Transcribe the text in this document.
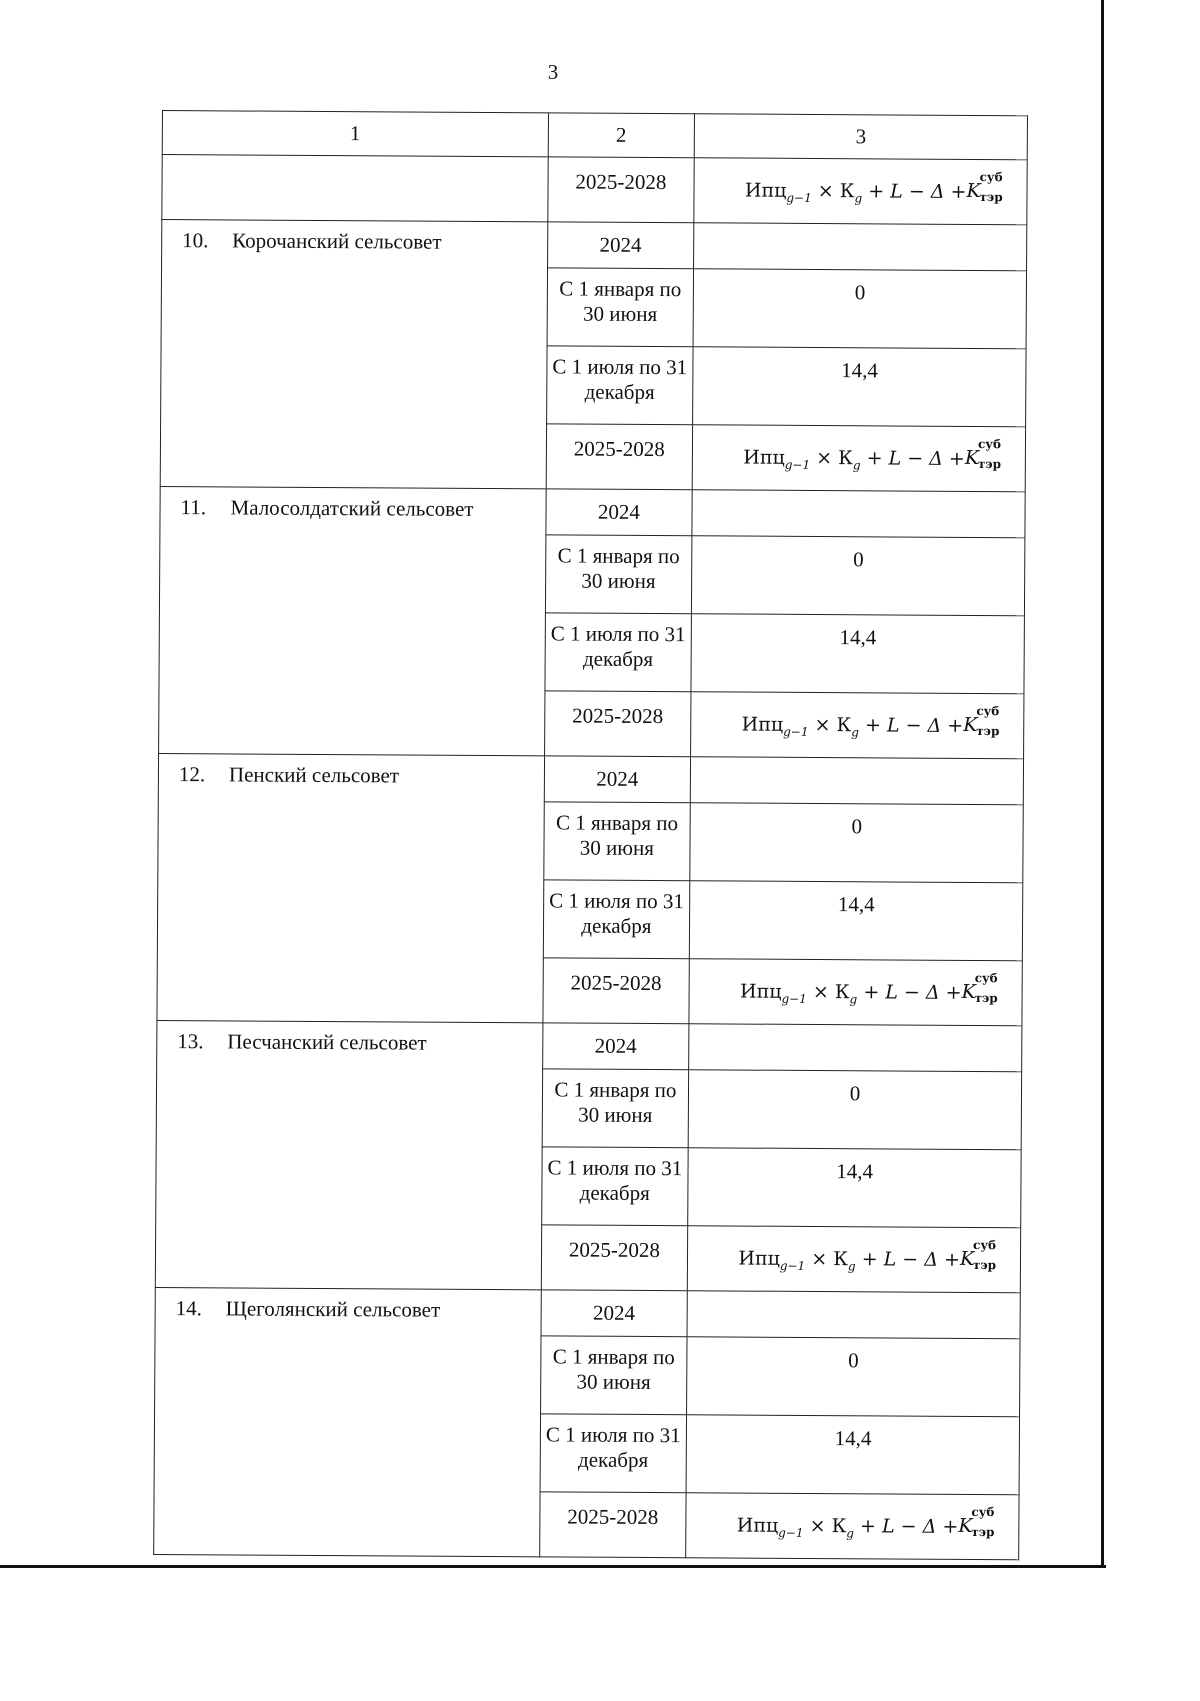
3
1	2	3
	2025-2028	$Ипц_{g-1} \times К_g + L - \Delta + K$
суб
тэр

10. Корочанский сельсовет	2024	
	С 1 января по 30 июня	0
	С 1 июля по 31 декабря	14,4
	2025-2028	$Ипц_{g-1} \times К_g + L - \Delta + K$
суб
тэр

11. Малосолдатский сельсовет	2024	
	С 1 января по 30 июня	0
	С 1 июля по 31 декабря	14,4
	2025-2028	$Ипц_{g-1} \times К_g + L - \Delta + K$
суб
тэр

12. Пенский сельсовет	2024	
	С 1 января по 30 июня	0
	С 1 июля по 31 декабря	14,4
	2025-2028	$Ипц_{g-1} \times К_g + L - \Delta + K$
суб
тэр

13. Песчанский сельсовет	2024	
	С 1 января по 30 июня	0
	С 1 июля по 31 декабря	14,4
	2025-2028	$Ипц_{g-1} \times К_g + L - \Delta + K$
суб
тэр

14. Щеголянский сельсовет	2024	
	С 1 января по 30 июня	0
	С 1 июля по 31 декабря	14,4
	2025-2028	$Ипц_{g-1} \times К_g + L - \Delta + K$
суб
тэр
